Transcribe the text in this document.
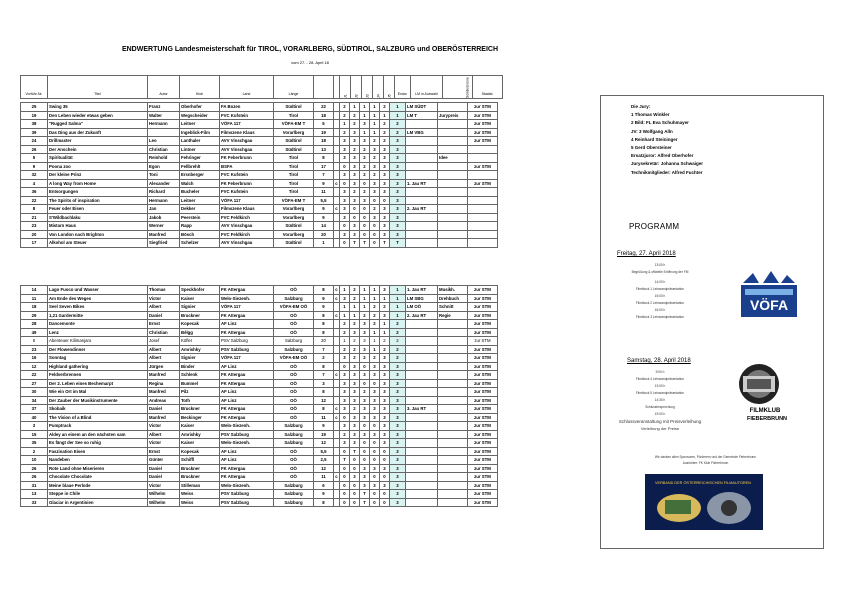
ENDWERTUNG Landesmeisterschaft für TIROL, VORARLBERG, SÜDTIROL, SALZBURG und OBERÖSTERREICH
vom 27. - 28. April 18
Vorführ-Nr.	Titel	Autor	Klub	Land	Länge			J1	J2	J3	J4	J5	Endw.	LM in Auswahl	Sonderpreise	Staatsl.
25	Swing 35	Franz	Oberhofer	FA Bozen	Südtirol	22		2	1	1	1	2	1	LM SÜDT		zur STM
19	Den Leben wieder etwas geben	Walter	Wegscheider	FVC Kufstein	Tirol	18		2	2	1	1	1	1	LM T	Jurypreis	zur STM
38	"Rugged Salma"	Hermann	Leitner	VÖFA 117	VÖFA-EM T	5		1	2	3	1	2	2			zur STM
39	Das Ding aus der Zukunft		Ingeblick-Film	Filmszene Klaus	Vorarlberg	19		2	3	1	1	2	2	LM VBG		zur STM
24	Drillmaster	Leo	Lanthaler	AVV Vinschgau	Südtirol	18		3	3	3	2	2	3			zur STM
26	Der Anschein	Christian	Lintner	AVV Vinschgau	Südtirol	13		3	2	2	3	3	3			
5	Spiritualität	Reinhold	Fehringer	FK Feberbrunn	Tirol	8		3	3	2	2	3	3		Idee	
9	Poona zoo	Egon	Fellbrehlt	BSFA	Tirol	17		0	3	2	3	3	3			zur STM
32	Der kleine Prinz	Toni	Ersnberger	FVC Kufstein	Tirol	7		3	3	2	2	3	3			
4	A long Way from Home	Alexander	Walch	FK Feberbrunn	Tirol	9	c	0	3	0	3	3	3	1. Jau RT		zur STM
36	Entsorgungen	Richard	Bucheler	FVC Kufstein	Tirol	11		3	2	2	3	3	3			
22	The Spirits of inspiration	Hermann	Leitner	VÖFA 117	VÖFA-EM T	5,5		3	3	3	0	0	3			
8	Feuer oder Eisen	Jan	Dekker	Filmszene Klaus	Vorarlberg	9	c	3	0	0	2	3	3	2. Jau RT		
21	S'Wildbachlaku	Jakob	Peerstein	FVC Feldkirch	Vorarlberg	9		3	0	0	3	3	3			
23	Mistarn Haus	Werner	Rapp	AVV Vinschgau	Südtirol	14		0	3	0	0	3	3			
20	Von London nach Brighton	Manfred	Bösch	FVC Feldkirch	Vorarlberg	20		3	3	0	0	3	3			
17	Alkohol am Steuer	Siegfried	Schelzer	AVV Vinschgau	Südtirol	1		0	T	T	0	T	T			
14	Lago Fuoco und Wasser	Thomas	Speckhofer	FK Attergau	OÖ	8	c	1	2	1	1	3	1	1. Jau RT	Musikh.	zur STM
11	Am Ende des Weges	Victor	Kaiser	Welo-Siezenh.	Salzburg	9	c	3	2	1	1	1	1	LM SBG	Drehbuch	zur STM
18	Seel Seven Bikes	Albert	Signier	VÖFA 117	VÖFA-EM OÖ	9		1	1	1	2	2	1	LM OÖ	Schnitt	zur STM
29	1,21 Gardermitte	Daniel	Bruckner	FK Attergau	OÖ	8	c	1	1	2	2	3	1	2. Jau RT	Regie	zur STM
28	Dancemonte	Ernst	Kopecak	AF Linz	OÖ	8		2	2	3	2	1	2			zur STM
49	Lenz	Christian	Bélgg	FK Attergau	OÖ	8		2	3	3	1	1	2			zur STM
6	Abenteuer Kilimanjaro	Josef	Köfler	PSV Salzburg	Salzburg	20		1	2	3	1	2	2			zur STM
23	Der Flowendinner	Albert	Amrishky	PSV Salzburg	Salzburg	7		2	2	3	1	2	2			zur STM
16	Sonntag	Albert	Signier	VÖFA 117	VÖFA-EM OÖ	2		3	2	2	2	3	2			zur STM
12	Highland gathering	Jürgen	Binder	AF Linz	OÖ	8		0	3	0	3	3	3			zur STM
22	Feldverbrennen	Manfred	Schlenk	FK Attergau	OÖ	7	c	3	3	3	3	3	3			zur STM
27	Der 2. Leben eines Bechemarpt	Regina	Bummel	FK Attergau	OÖ	3		3	3	0	0	3	3			zur STM
30	Wie ein Ort im Mal	Manfred	Pilz	AF Linz	OÖ	8		3	3	2	3	3	3			zur STM
34	Der Zauber der Musikinstrumente	Andreas	Toth	AF Linz	OÖ	12		3	3	3	3	3	3			zur STM
37	Skobaik	Daniel	Bruckner	FK Attergau	OÖ	8	c	3	2	3	3	3	3	3. Jau RT		zur STM
40	The Vision of a Blind	Manfred	Beckinger	FK Attergau	OÖ	11	c	0	3	3	3	3	3			zur STM
3	Pumptrack	Victor	Kaiser	Welo-Siezenh.	Salzburg	9		3	3	0	0	3	3			zur STM
15	Aldey an einem an den nächsten sam	Albert	Amrishky	PSV Salzburg	Salzburg	19		2	3	3	3	3	3			zur STM
35	Es fängt der See so ruhig	Victor	Kaiser	Welo-Siezenh.	Salzburg	12		3	3	0	0	3	3			zur STM
2	Faszination Eisen	Ernst	Kopecak	AF Linz	OÖ	5,5		0	T	0	0	0	3			zur STM
10	Nandeben	Günter	Schiffl	AF Linz	OÖ	2,5		T	0	0	0	0	3			zur STM
26	Rote Land ohne Miserieren	Daniel	Bruckner	FK Attergau	OÖ	12		0	0	3	3	3	3			zur STM
26	Chocolate Chocolate	Daniel	Bruckner	FK Attergau	OÖ	11	c	0	3	3	0	0	3			zur STM
31	Meine blaue Perlode	Victor	Stilleman	Welo-Siezenh.	Salzburg	6		0	0	3	3	3	3			zur STM
13	Steppe in Chile	Wilhelm	Weiss	PSV Salzburg	Salzburg	9		0	0	T	0	0	3			zur STM
33	Glaciar in Argentinien	Wilhelm	Weiss	PSV Salzburg	Salzburg	8		0	0	T	0	0	3			zur STM
Die Jury:
1 Thomas Winkler
2 Bild: FL Eva Schuhmayer
JV: 3 Wolfgang Alln
4 Reinhard Steininger
5 Gerd Obersteiner
Ersatzjuror: Alfred Oberhofer
Jurysekretär: Johanna Schwaiger
Technikmitglieder: Alfred Fuchter
PROGRAMM
Freitag, 27. April 2018
13:00 h
Begrüßung & offizielle Eröffnung der FM
14:00 h
Filmblock 1 Leinwandpräsentation
15:00 h
Filmblock 2 Leinwandpräsentation
16:00 h
Filmblock 3 Leinwandpräsentation
Samstag, 28. April 2018
9:00 h
Filmblock 4 Leinwandpräsentation
13:00 h
Filmblock 5 Leinwandpräsentation
14:30 h
Schlussbesprechung
19:00 h
Schlussveranstaltung mit Preisverleihung
Verleihung der Preise
Wir danken allen Sponsoren, Förderern und der Gemeinde Fieberbrunn
Ausrichter: FK Klub Fieberbrunn
VÖFA
FILMKLUB
FIEBERBRUNN
VERBAND DER ÖSTERREICHISCHEN FILMAUTOREN
